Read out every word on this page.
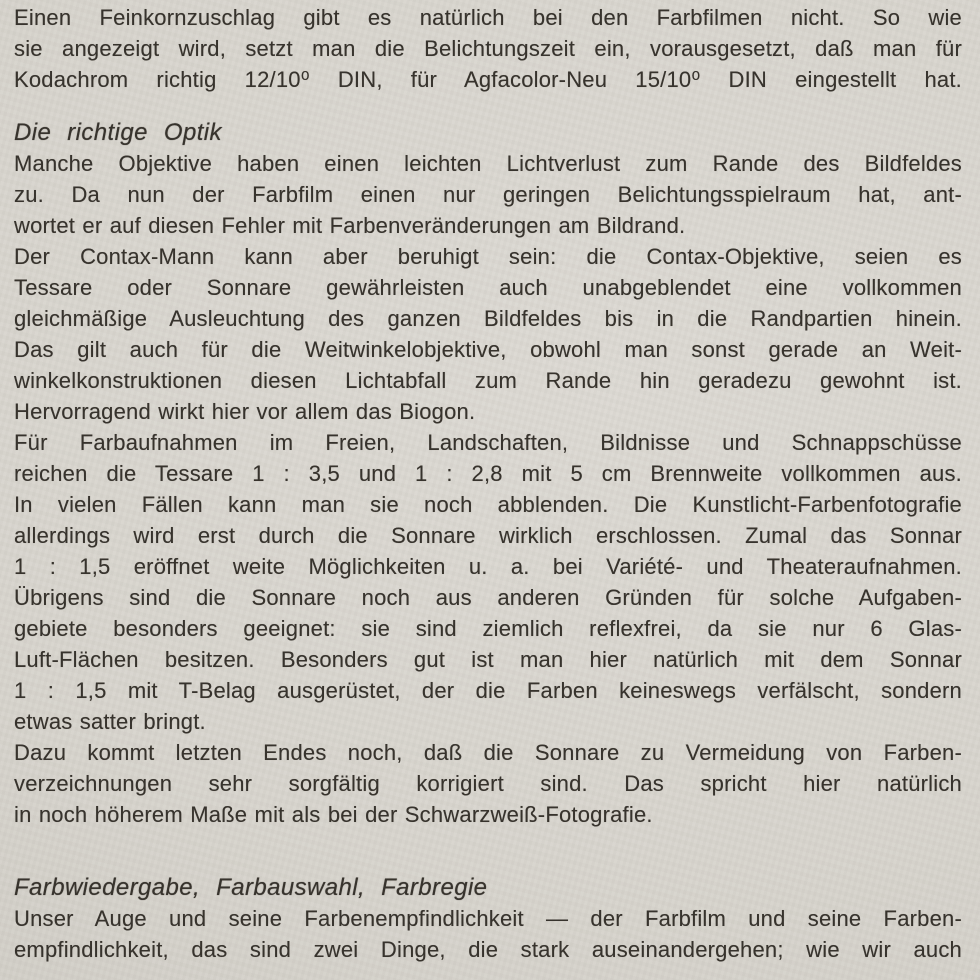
Einen Feinkornzuschlag gibt es natürlich bei den Farbfilmen nicht. So wie
sie angezeigt wird, setzt man die Belichtungszeit ein, vorausgesetzt, daß man für
Kodachrom richtig 12/10⁰ DIN, für Agfacolor-Neu 15/10⁰ DIN eingestellt hat.
Die richtige Optik
Manche Objektive haben einen leichten Lichtverlust zum Rande des Bildfeldes
zu. Da nun der Farbfilm einen nur geringen Belichtungsspielraum hat, ant-
wortet er auf diesen Fehler mit Farbenveränderungen am Bildrand.
Der Contax-Mann kann aber beruhigt sein: die Contax-Objektive, seien es
Tessare oder Sonnare gewährleisten auch unabgeblendet eine vollkommen
gleichmäßige Ausleuchtung des ganzen Bildfeldes bis in die Randpartien hinein.
Das gilt auch für die Weitwinkelobjektive, obwohl man sonst gerade an Weit-
winkelkonstruktionen diesen Lichtabfall zum Rande hin geradezu gewohnt ist.
Hervorragend wirkt hier vor allem das Biogon.
Für Farbaufnahmen im Freien, Landschaften, Bildnisse und Schnappschüsse
reichen die Tessare 1 : 3,5 und 1 : 2,8 mit 5 cm Brennweite vollkommen aus.
In vielen Fällen kann man sie noch abblenden. Die Kunstlicht-Farbenfotografie
allerdings wird erst durch die Sonnare wirklich erschlossen. Zumal das Sonnar
1 : 1,5 eröffnet weite Möglichkeiten u. a. bei Variété- und Theateraufnahmen.
Übrigens sind die Sonnare noch aus anderen Gründen für solche Aufgaben-
gebiete besonders geeignet: sie sind ziemlich reflexfrei, da sie nur 6 Glas-
Luft-Flächen besitzen. Besonders gut ist man hier natürlich mit dem Sonnar
1 : 1,5 mit T-Belag ausgerüstet, der die Farben keineswegs verfälscht, sondern
etwas satter bringt.
Dazu kommt letzten Endes noch, daß die Sonnare zu Vermeidung von Farben-
verzeichnungen sehr sorgfältig korrigiert sind. Das spricht hier natürlich
in noch höherem Maße mit als bei der Schwarzweiß-Fotografie.
Farbwiedergabe, Farbauswahl, Farbregie
Unser Auge und seine Farbenempfindlichkeit — der Farbfilm und seine Farben-
empfindlichkeit, das sind zwei Dinge, die stark auseinandergehen; wie wir auch
